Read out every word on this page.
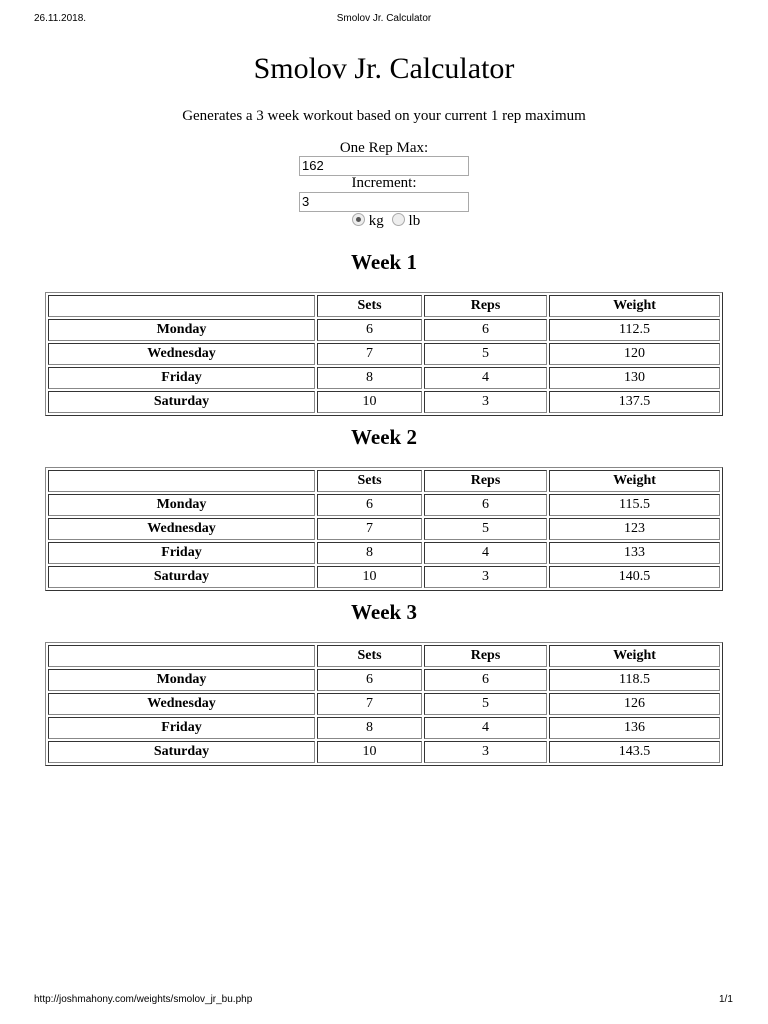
26.11.2018.	Smolov Jr. Calculator
Smolov Jr. Calculator
Generates a 3 week workout based on your current 1 rep maximum
One Rep Max:
162
Increment:
3
kg lb
Week 1
	Sets	Reps	Weight
Monday	6	6	112.5
Wednesday	7	5	120
Friday	8	4	130
Saturday	10	3	137.5
Week 2
	Sets	Reps	Weight
Monday	6	6	115.5
Wednesday	7	5	123
Friday	8	4	133
Saturday	10	3	140.5
Week 3
	Sets	Reps	Weight
Monday	6	6	118.5
Wednesday	7	5	126
Friday	8	4	136
Saturday	10	3	143.5
http://joshmahony.com/weights/smolov_jr_bu.php	1/1
